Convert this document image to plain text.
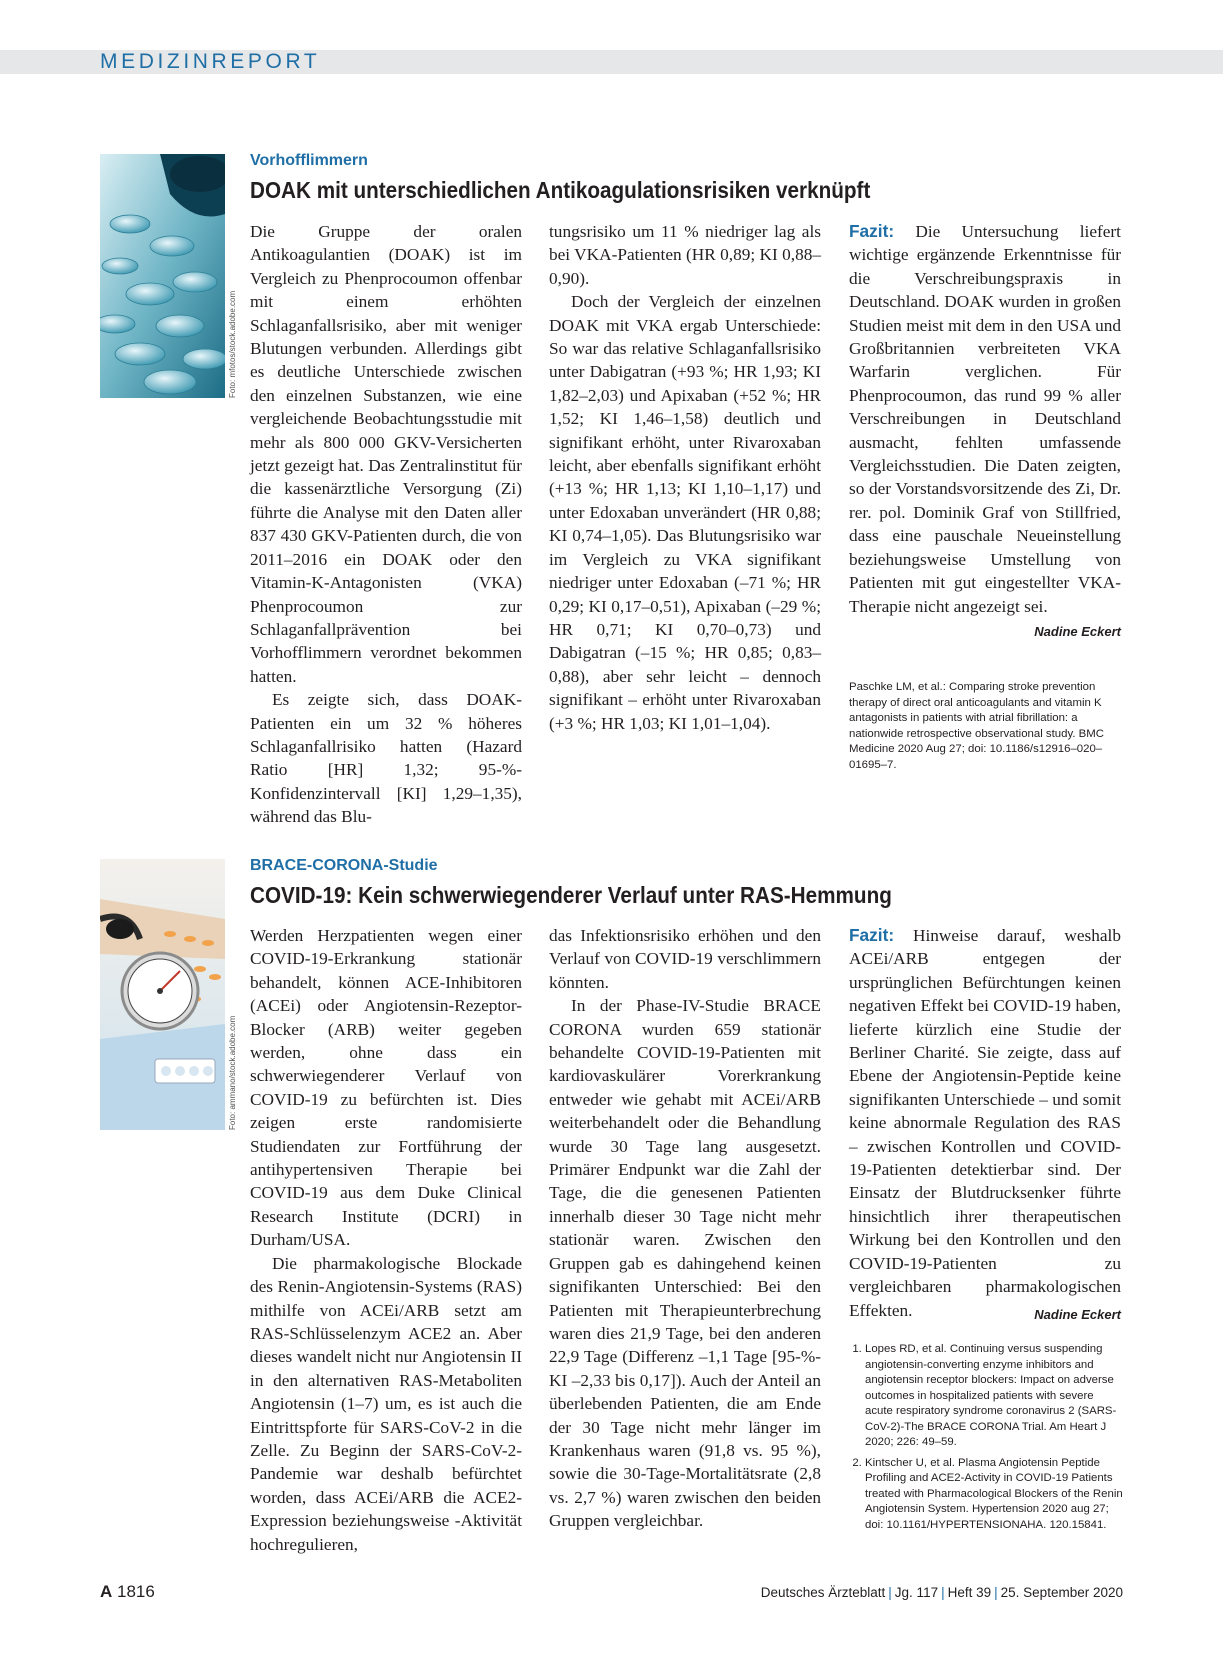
MEDIZINREPORT
Foto: mfotos/stock.adobe.com
Vorhofflimmern
DOAK mit unterschiedlichen Antikoagulationsrisiken verknüpft

Die Gruppe der oralen Antikoagulantien (DOAK) ist im Vergleich zu Phenprocoumon offenbar mit einem erhöhten Schlaganfallsrisiko, aber mit weniger Blutungen verbunden. Allerdings gibt es deutliche Unterschiede zwischen den einzelnen Substanzen, wie eine vergleichende Beobachtungsstudie mit mehr als 800 000 GKV-Versicherten jetzt gezeigt hat. Das Zentralinstitut für die kassenärztliche Versorgung (Zi) führte die Analyse mit den Daten aller 837 430 GKV-Patienten durch, die von 2011–2016 ein DOAK oder den Vitamin-K-Antagonisten (VKA) Phenprocoumon zur Schlaganfallprävention bei Vorhofflimmern verordnet bekommen hatten.

Es zeigte sich, dass DOAK-Patienten ein um 32 % höheres Schlaganfallrisiko hatten (Hazard Ratio [HR] 1,32; 95-%-Konfidenzintervall [KI] 1,29–1,35), während das Blu-

tungsrisiko um 11 % niedriger lag als bei VKA-Patienten (HR 0,89; KI 0,88–0,90).

Doch der Vergleich der einzelnen DOAK mit VKA ergab Unterschiede: So war das relative Schlaganfallsrisiko unter Dabigatran (+93 %; HR 1,93; KI 1,82–2,03) und Apixaban (+52 %; HR 1,52; KI 1,46–1,58) deutlich und signifikant erhöht, unter Rivaroxaban leicht, aber ebenfalls signifikant erhöht (+13 %; HR 1,13; KI 1,10–1,17) und unter Edoxaban unverändert (HR 0,88; KI 0,74–1,05). Das Blutungsrisiko war im Vergleich zu VKA signifikant niedriger unter Edoxaban (–71 %; HR 0,29; KI 0,17–0,51), Apixaban (–29 %; HR 0,71; KI 0,70–0,73) und Dabigatran (–15 %; HR 0,85; 0,83–0,88), aber sehr leicht – dennoch signifikant – erhöht unter Rivaroxaban (+3 %; HR 1,03; KI 1,01–1,04).

Fazit: Die Untersuchung liefert wichtige ergänzende Erkenntnisse für die Verschreibungspraxis in Deutschland. DOAK wurden in großen Studien meist mit dem in den USA und Großbritannien verbreiteten VKA Warfarin verglichen. Für Phenprocoumon, das rund 99 % aller Verschreibungen in Deutschland ausmacht, fehlten umfassende Vergleichsstudien. Die Daten zeigten, so der Vorstandsvorsitzende des Zi, Dr. rer. pol. Dominik Graf von Stillfried, dass eine pauschale Neueinstellung beziehungsweise Umstellung von Patienten mit gut eingestellter VKA-Therapie nicht angezeigt sei.

Nadine Eckert
Paschke LM, et al.: Comparing stroke prevention therapy of direct oral anticoagulants and vitamin K antagonists in patients with atrial fibrillation: a nationwide retrospective observational study. BMC Medicine 2020 Aug 27; doi: 10.1186/s12916–020–01695–7.
Foto: ammano/stock.adobe.com
BRACE-CORONA-Studie
COVID-19: Kein schwerwiegenderer Verlauf unter RAS-Hemmung

Werden Herzpatienten wegen einer COVID-19-Erkrankung stationär behandelt, können ACE-Inhibitoren (ACEi) oder Angiotensin-Rezeptor-Blocker (ARB) weiter gegeben werden, ohne dass ein schwerwiegenderer Verlauf von COVID-19 zu befürchten ist. Dies zeigen erste randomisierte Studiendaten zur Fortführung der antihypertensiven Therapie bei COVID-19 aus dem Duke Clinical Research Institute (DCRI) in Durham/USA.

Die pharmakologische Blockade des Renin-Angiotensin-Systems (RAS) mithilfe von ACEi/ARB setzt am RAS-Schlüsselenzym ACE2 an. Aber dieses wandelt nicht nur Angiotensin II in den alternativen RAS-Metaboliten Angiotensin (1–7) um, es ist auch die Eintrittspforte für SARS-CoV-2 in die Zelle. Zu Beginn der SARS-CoV-2-Pandemie war deshalb befürchtet worden, dass ACEi/ARB die ACE2-Expression beziehungsweise -Aktivität hochregulieren,

das Infektionsrisiko erhöhen und den Verlauf von COVID-19 verschlimmern könnten.

In der Phase-IV-Studie BRACE CORONA wurden 659 stationär behandelte COVID-19-Patienten mit kardiovaskulärer Vorerkrankung entweder wie gehabt mit ACEi/ARB weiterbehandelt oder die Behandlung wurde 30 Tage lang ausgesetzt. Primärer Endpunkt war die Zahl der Tage, die die genesenen Patienten innerhalb dieser 30 Tage nicht mehr stationär waren. Zwischen den Gruppen gab es dahingehend keinen signifikanten Unterschied: Bei den Patienten mit Therapieunterbrechung waren dies 21,9 Tage, bei den anderen 22,9 Tage (Differenz –1,1 Tage [95-%-KI –2,33 bis 0,17]). Auch der Anteil an überlebenden Patienten, die am Ende der 30 Tage nicht mehr länger im Krankenhaus waren (91,8 vs. 95 %), sowie die 30-Tage-Mortalitätsrate (2,8 vs. 2,7 %) waren zwischen den beiden Gruppen vergleichbar.

Fazit: Hinweise darauf, weshalb ACEi/ARB entgegen der ursprünglichen Befürchtungen keinen negativen Effekt bei COVID-19 haben, lieferte kürzlich eine Studie der Berliner Charité. Sie zeigte, dass auf Ebene der Angiotensin-Peptide keine signifikanten Unterschiede – und somit keine abnormale Regulation des RAS – zwischen Kontrollen und COVID-19-Patienten detektierbar sind. Der Einsatz der Blutdrucksenker führte hinsichtlich ihrer therapeutischen Wirkung bei den Kontrollen und den COVID-19-Patienten zu vergleichbaren pharmakologischen Effekten.	Nadine Eckert

1. Lopes RD, et al. Continuing versus suspending angiotensin-converting enzyme inhibitors and angiotensin receptor blockers: Impact on adverse outcomes in hospitalized patients with severe acute respiratory syndrome coronavirus 2 (SARS-CoV-2)-The BRACE CORONA Trial. Am Heart J 2020; 226: 49–59.
2. Kintscher U, et al. Plasma Angiotensin Peptide Profiling and ACE2-Activity in COVID-19 Patients treated with Pharmacological Blockers of the Renin Angiotensin System. Hypertension 2020 aug 27; doi: 10.1161/HYPERTENSIONAHA. 120.15841.
A 1816	Deutsches Ärzteblatt | Jg. 117 | Heft 39 | 25. September 2020
